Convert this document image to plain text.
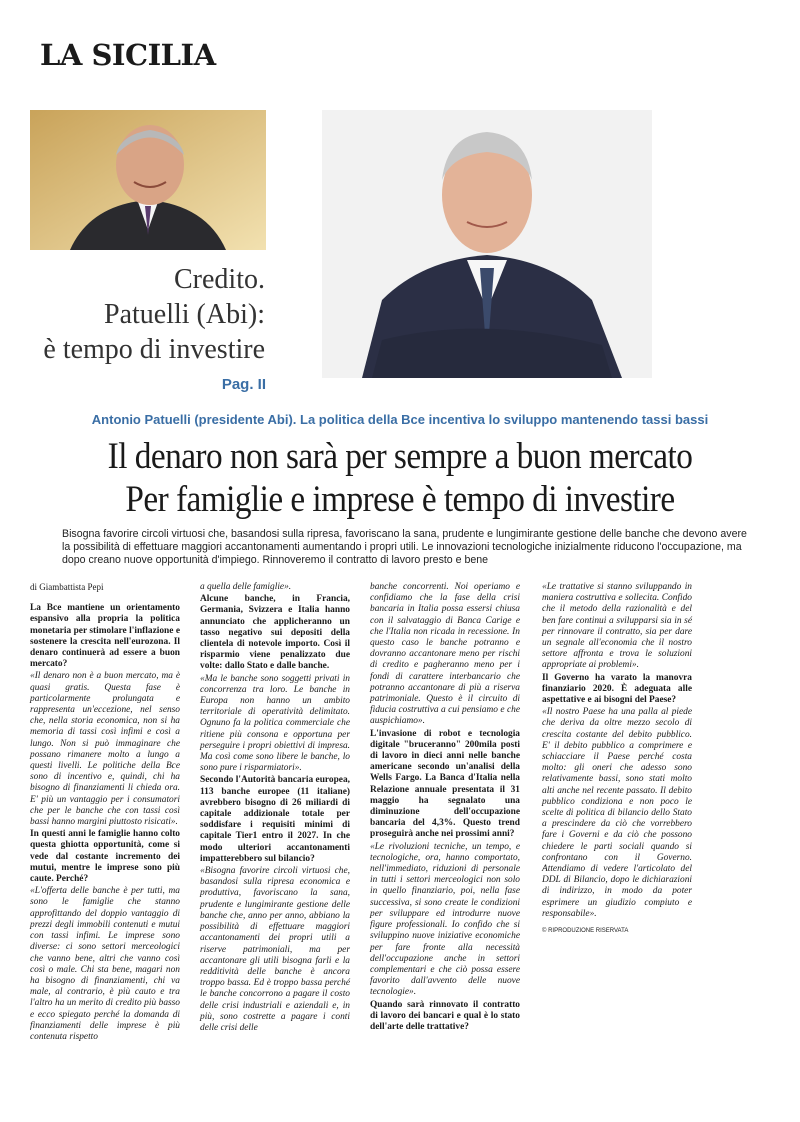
LA SICILIA
Credito.
Patuelli (Abi):
è tempo di investire
Pag. II
Antonio Patuelli (presidente Abi). La politica della Bce incentiva lo sviluppo mantenendo tassi bassi
Il denaro non sarà per sempre a buon mercato
Per famiglie e imprese è tempo di investire
Bisogna favorire circoli virtuosi che, basandosi sulla ripresa, favoriscano la sana, prudente e lungimirante gestione delle banche che devono avere la possibilità di effettuare maggiori accantonamenti aumentando i propri utili. Le innovazioni tecnologiche inizialmente riducono l'occupazione, ma dopo creano nuove opportunità d'impiego. Rinnoveremo il contratto di lavoro presto e bene

di Giambattista Pepi

La Bce mantiene un orientamento espansivo alla propria la politica monetaria per stimolare l'inflazione e sostenere la crescita nell'eurozona. Il denaro continuerà ad essere a buon mercato?

«Il denaro non è a buon mercato, ma è quasi gratis. Questa fase è particolarmente prolungata e rappresenta un'eccezione, nel senso che, nella storia economica, non si ha memoria di tassi così infimi e così a lungo. Non si può immaginare che possano rimanere molto a lungo a questi livelli. Le politiche della Bce sono di incentivo e, quindi, chi ha bisogno di finanziamenti li chieda ora. E' più un vantaggio per i consumatori che per le banche che con tassi così bassi hanno margini piuttosto risicati».

In questi anni le famiglie hanno colto questa ghiotta opportunità, come si vede dal costante incremento dei mutui, mentre le imprese sono più caute. Perché?

«L'offerta delle banche è per tutti, ma sono le famiglie che stanno approfittando del doppio vantaggio di prezzi degli immobili contenuti e mutui con tassi infimi. Le imprese sono diverse: ci sono settori merceologici che vanno bene, altri che vanno così così o male. Chi sta bene, magari non ha bisogno di finanziamenti, chi va male, al contrario, è più cauto e tra l'altro ha un merito di credito più basso e ecco spiegato perché la domanda di finanziamenti delle imprese è più contenuta rispetto

a quella delle famiglie».

Alcune banche, in Francia, Germania, Svizzera e Italia hanno annunciato che applicheranno un tasso negativo sui depositi della clientela di notevole importo. Così il risparmio viene penalizzato due volte: dallo Stato e dalle banche.

«Ma le banche sono soggetti privati in concorrenza tra loro. Le banche in Europa non hanno un ambito territoriale di operatività delimitato. Ognuno fa la politica commerciale che ritiene più consona e opportuna per perseguire i propri obiettivi di impresa. Ma così come sono libere le banche, lo sono pure i risparmiatori».

Secondo l'Autorità bancaria europea, 113 banche europee (11 italiane) avrebbero bisogno di 26 miliardi di capitale addizionale totale per soddisfare i requisiti minimi di capitale Tier1 entro il 2027. In che modo ulteriori accantonamenti impatterebbero sul bilancio?

«Bisogna favorire circoli virtuosi che, basandosi sulla ripresa economica e produttiva, favoriscano la sana, prudente e lungimirante gestione delle banche che, anno per anno, abbiano la possibilità di effettuare maggiori accantonamenti dei propri utili a riserve patrimoniali, ma per accantonare gli utili bisogna farli e la redditività delle banche è ancora troppo bassa. Ed è troppo bassa perché le banche concorrono a pagare il costo delle crisi industriali e aziendali e, in più, sono costrette a pagare i conti delle crisi delle

banche concorrenti. Noi operiamo e confidiamo che la fase della crisi bancaria in Italia possa essersi chiusa con il salvataggio di Banca Carige e che l'Italia non ricada in recessione. In questo caso le banche potranno e dovranno accantonare meno per rischi di credito e pagheranno meno per i fondi di carattere interbancario che potranno accantonare di più a riserva patrimoniale. Questo è il circuito di fiducia costruttiva a cui pensiamo e che auspichiamo».

L'invasione di robot e tecnologia digitale "bruceranno" 200mila posti di lavoro in dieci anni nelle banche americane secondo un'analisi della Wells Fargo. La Banca d'Italia nella Relazione annuale presentata il 31 maggio ha segnalato una diminuzione dell'occupazione bancaria del 4,3%. Questo trend proseguirà anche nei prossimi anni?

«Le rivoluzioni tecniche, un tempo, e tecnologiche, ora, hanno comportato, nell'immediato, riduzioni di personale in tutti i settori merceologici non solo in quello finanziario, poi, nella fase successiva, si sono create le condizioni per sviluppare ed introdurre nuove figure professionali. Io confido che si sviluppino nuove iniziative economiche per fare fronte alla necessità dell'occupazione anche in settori complementari e che ciò possa essere favorito dall'avvento delle nuove tecnologie».

Quando sarà rinnovato il contratto di lavoro dei bancari e qual è lo stato dell'arte delle trattative?

«Le trattative si stanno sviluppando in maniera costruttiva e sollecita. Confido che il metodo della razionalità e del ben fare continui a svilupparsi sia in sé per rinnovare il contratto, sia per dare un segnale all'economia che il nostro settore affronta e trova le soluzioni appropriate ai problemi».

Il Governo ha varato la manovra finanziario 2020. È adeguata alle aspettative e ai bisogni del Paese?

«Il nostro Paese ha una palla al piede che deriva da oltre mezzo secolo di crescita costante del debito pubblico. E' il debito pubblico a comprimere e schiacciare il Paese perché costa molto: gli oneri che adesso sono relativamente bassi, sono stati molto alti anche nel recente passato. Il debito pubblico condiziona e non poco le scelte di politica di bilancio dello Stato a prescindere da ciò che vorrebbero fare i Governi e da ciò che possono chiedere le parti sociali quando si confrontano con il Governo. Attendiamo di vedere l'articolato del DDL di Bilancio, dopo le dichiarazioni di indirizzo, in modo da poter esprimere un giudizio compiuto e responsabile».

© RIPRODUZIONE RISERVATA
